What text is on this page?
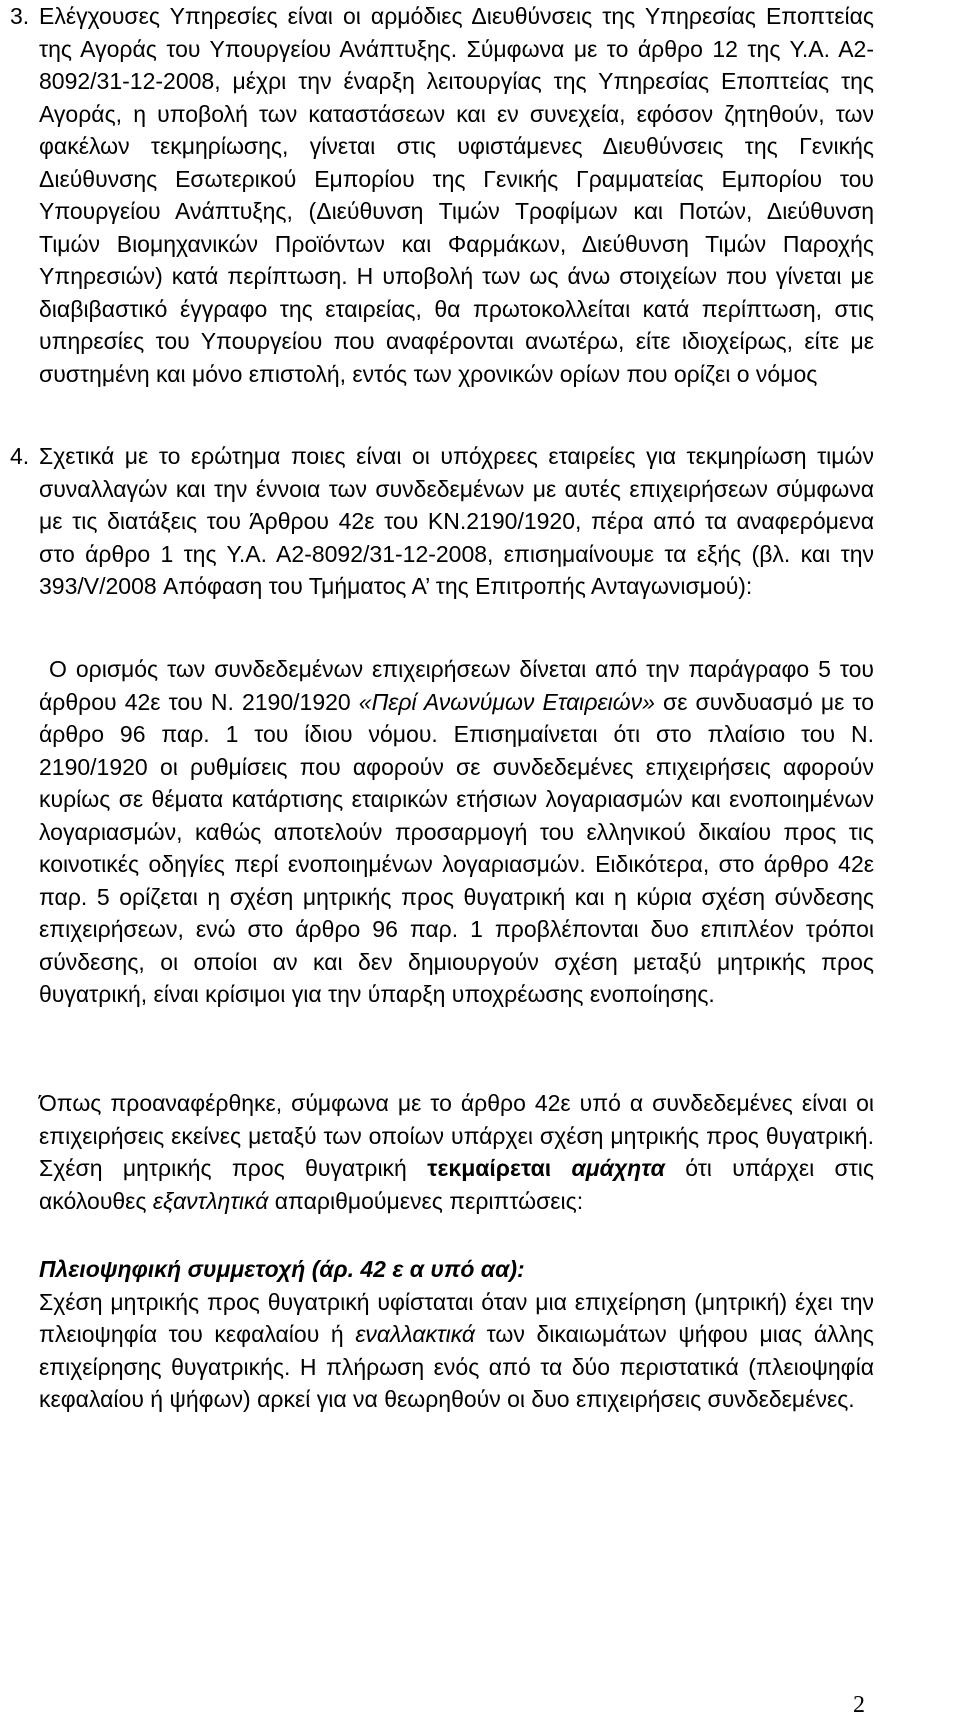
3. Ελέγχουσες Υπηρεσίες είναι οι αρμόδιες Διευθύνσεις της Υπηρεσίας Εποπτείας της Αγοράς του Υπουργείου Ανάπτυξης. Σύμφωνα με το άρθρο 12 της Υ.Α. Α2-8092/31-12-2008, μέχρι την έναρξη λειτουργίας της Υπηρεσίας Εποπτείας της Αγοράς, η υποβολή των καταστάσεων και εν συνεχεία, εφόσον ζητηθούν, των φακέλων τεκμηρίωσης, γίνεται στις υφιστάμενες Διευθύνσεις της Γενικής Διεύθυνσης Εσωτερικού Εμπορίου της Γενικής Γραμματείας Εμπορίου του Υπουργείου Ανάπτυξης, (Διεύθυνση Τιμών Τροφίμων και Ποτών, Διεύθυνση Τιμών Βιομηχανικών Προϊόντων και Φαρμάκων, Διεύθυνση Τιμών Παροχής Υπηρεσιών) κατά περίπτωση. Η υποβολή των ως άνω στοιχείων που γίνεται με διαβιβαστικό έγγραφο της εταιρείας, θα πρωτοκολλείται κατά περίπτωση, στις υπηρεσίες του Υπουργείου που αναφέρονται ανωτέρω, είτε ιδιοχείρως, είτε με συστημένη και μόνο επιστολή, εντός των χρονικών ορίων που ορίζει ο νόμος
4. Σχετικά με το ερώτημα ποιες είναι οι υπόχρεες εταιρείες για τεκμηρίωση τιμών συναλλαγών και την έννοια των συνδεδεμένων με αυτές επιχειρήσεων σύμφωνα με τις διατάξεις του Άρθρου 42ε του ΚΝ.2190/1920, πέρα από τα αναφερόμενα στο άρθρο 1 της Υ.Α. Α2-8092/31-12-2008, επισημαίνουμε τα εξής (βλ. και την 393/V/2008 Απόφαση του Τμήματος Α’ της Επιτροπής Ανταγωνισμού):

Ο ορισμός των συνδεδεμένων επιχειρήσεων δίνεται από την παράγραφο 5 του άρθρου 42ε του Ν. 2190/1920 «Περί Ανωνύμων Εταιρειών» σε συνδυασμό με το άρθρο 96 παρ. 1 του ίδιου νόμου. Επισημαίνεται ότι στο πλαίσιο του Ν. 2190/1920 οι ρυθμίσεις που αφορούν σε συνδεδεμένες επιχειρήσεις αφορούν κυρίως σε θέματα κατάρτισης εταιρικών ετήσιων λογαριασμών και ενοποιημένων λογαριασμών, καθώς αποτελούν προσαρμογή του ελληνικού δικαίου προς τις κοινοτικές οδηγίες περί ενοποιημένων λογαριασμών. Ειδικότερα, στο άρθρο 42ε παρ. 5 ορίζεται η σχέση μητρικής προς θυγατρική και η κύρια σχέση σύνδεσης επιχειρήσεων, ενώ στο άρθρο 96 παρ. 1 προβλέπονται δυο επιπλέον τρόποι σύνδεσης, οι οποίοι αν και δεν δημιουργούν σχέση μεταξύ μητρικής προς θυγατρική, είναι κρίσιμοι για την ύπαρξη υποχρέωσης ενοποίησης.

Όπως προαναφέρθηκε, σύμφωνα με το άρθρο 42ε υπό α συνδεδεμένες είναι οι επιχειρήσεις εκείνες μεταξύ των οποίων υπάρχει σχέση μητρικής προς θυγατρική. Σχέση μητρικής προς θυγατρική τεκμαίρεται αμάχητα ότι υπάρχει στις ακόλουθες εξαντλητικά απαριθμούμενες περιπτώσεις:

Πλειοψηφική συμμετοχή (άρ. 42 ε α υπό αα):
Σχέση μητρικής προς θυγατρική υφίσταται όταν μια επιχείρηση (μητρική) έχει την πλειοψηφία του κεφαλαίου ή εναλλακτικά των δικαιωμάτων ψήφου μιας άλλης επιχείρησης θυγατρικής. Η πλήρωση ενός από τα δύο περιστατικά (πλειοψηφία κεφαλαίου ή ψήφων) αρκεί για να θεωρηθούν οι δυο επιχειρήσεις συνδεδεμένες.

2
